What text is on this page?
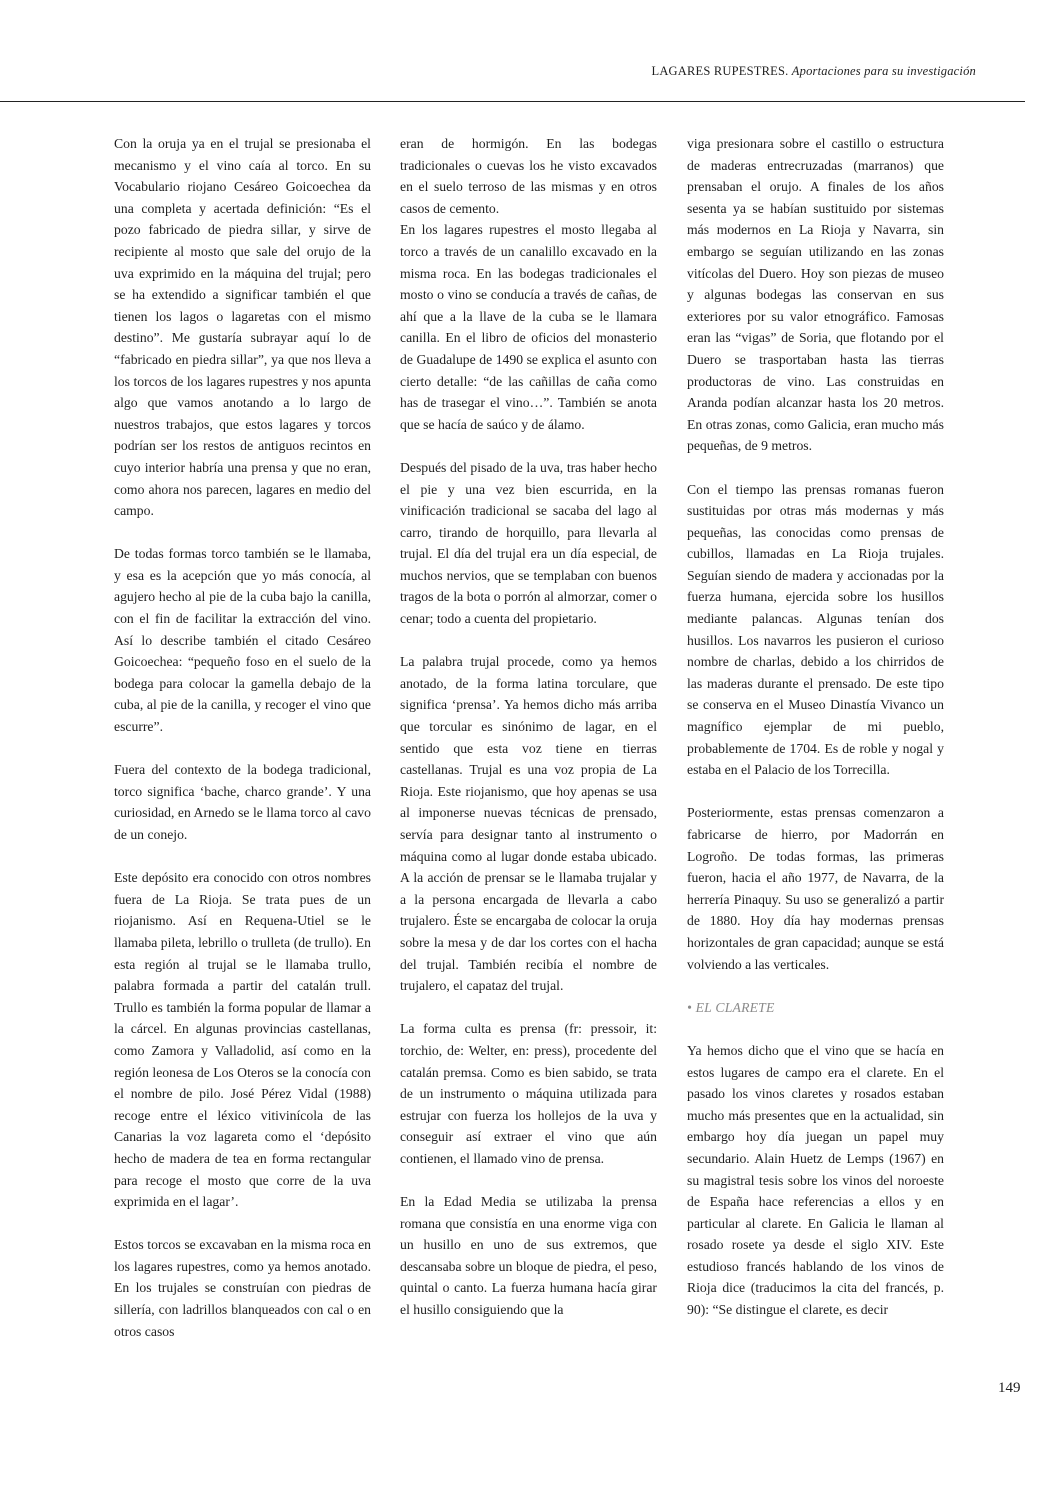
LAGARES RUPESTRES. Aportaciones para su investigación

Con la oruja ya en el trujal se presionaba el mecanismo y el vino caía al torco. En su Vocabulario riojano Cesáreo Goicoechea da una completa y acertada definición: “Es el pozo fabricado de piedra sillar, y sirve de recipiente al mosto que sale del orujo de la uva exprimido en la máquina del trujal; pero se ha extendido a significar también el que tienen los lagos o lagaretas con el mismo destino”. Me gustaría subrayar aquí lo de “fabricado en piedra sillar”, ya que nos lleva a los torcos de los lagares rupestres y nos apunta algo que vamos anotando a lo largo de nuestros trabajos, que estos lagares y torcos podrían ser los restos de antiguos recintos en cuyo interior habría una prensa y que no eran, como ahora nos parecen, lagares en medio del campo.

De todas formas torco también se le llamaba, y esa es la acepción que yo más conocía, al agujero hecho al pie de la cuba bajo la canilla, con el fin de facilitar la extracción del vino. Así lo describe también el citado Cesáreo Goicoechea: “pequeño foso en el suelo de la bodega para colocar la gamella debajo de la cuba, al pie de la canilla, y recoger el vino que escurre”.

Fuera del contexto de la bodega tradicional, torco significa ‘bache, charco grande’. Y una curiosidad, en Arnedo se le llama torco al cavo de un conejo.

Este depósito era conocido con otros nombres fuera de La Rioja. Se trata pues de un riojanismo. Así en Requena-Utiel se le llamaba pileta, lebrillo o trulleta (de trullo). En esta región al trujal se le llamaba trullo, palabra formada a partir del catalán trull. Trullo es también la forma popular de llamar a la cárcel. En algunas provincias castellanas, como Zamora y Valladolid, así como en la región leonesa de Los Oteros se la conocía con el nombre de pilo. José Pérez Vidal (1988) recoge entre el léxico vitivinícola de las Canarias la voz lagareta como el ‘depósito hecho de madera de tea en forma rectangular para recoge el mosto que corre de la uva exprimida en el lagar’.

Estos torcos se excavaban en la misma roca en los lagares rupestres, como ya hemos anotado. En los trujales se construían con piedras de sillería, con ladrillos blanqueados con cal o en otros casos

eran de hormigón. En las bodegas tradicionales o cuevas los he visto excavados en el suelo terroso de las mismas y en otros casos de cemento.

En los lagares rupestres el mosto llegaba al torco a través de un canalillo excavado en la misma roca. En las bodegas tradicionales el mosto o vino se conducía a través de cañas, de ahí que a la llave de la cuba se le llamara canilla. En el libro de oficios del monasterio de Guadalupe de 1490 se explica el asunto con cierto detalle: “de las cañillas de caña como has de trasegar el vino…”. También se anota que se hacía de saúco y de álamo.

Después del pisado de la uva, tras haber hecho el pie y una vez bien escurrida, en la vinificación tradicional se sacaba del lago al carro, tirando de horquillo, para llevarla al trujal. El día del trujal era un día especial, de muchos nervios, que se templaban con buenos tragos de la bota o porrón al almorzar, comer o cenar; todo a cuenta del propietario.

La palabra trujal procede, como ya hemos anotado, de la forma latina torculare, que significa ‘prensa’. Ya hemos dicho más arriba que torcular es sinónimo de lagar, en el sentido que esta voz tiene en tierras castellanas. Trujal es una voz propia de La Rioja. Este riojanismo, que hoy apenas se usa al imponerse nuevas técnicas de prensado, servía para designar tanto al instrumento o máquina como al lugar donde estaba ubicado. A la acción de prensar se le llamaba trujalar y a la persona encargada de llevarla a cabo trujalero. Éste se encargaba de colocar la oruja sobre la mesa y de dar los cortes con el hacha del trujal. También recibía el nombre de trujalero, el capataz del trujal.

La forma culta es prensa (fr: pressoir, it: torchio, de: Welter, en: press), procedente del catalán premsa. Como es bien sabido, se trata de un instrumento o máquina utilizada para estrujar con fuerza los hollejos de la uva y conseguir así extraer el vino que aún contienen, el llamado vino de prensa.

En la Edad Media se utilizaba la prensa romana que consistía en una enorme viga con un husillo en uno de sus extremos, que descansaba sobre un bloque de piedra, el peso, quintal o canto. La fuerza humana hacía girar el husillo consiguiendo que la

viga presionara sobre el castillo o estructura de maderas entrecruzadas (marranos) que prensaban el orujo. A finales de los años sesenta ya se habían sustituido por sistemas más modernos en La Rioja y Navarra, sin embargo se seguían utilizando en las zonas vitícolas del Duero. Hoy son piezas de museo y algunas bodegas las conservan en sus exteriores por su valor etnográfico. Famosas eran las “vigas” de Soria, que flotando por el Duero se trasportaban hasta las tierras productoras de vino. Las construidas en Aranda podían alcanzar hasta los 20 metros. En otras zonas, como Galicia, eran mucho más pequeñas, de 9 metros.

Con el tiempo las prensas romanas fueron sustituidas por otras más modernas y más pequeñas, las conocidas como prensas de cubillos, llamadas en La Rioja trujales. Seguían siendo de madera y accionadas por la fuerza humana, ejercida sobre los husillos mediante palancas. Algunas tenían dos husillos. Los navarros les pusieron el curioso nombre de charlas, debido a los chirridos de las maderas durante el prensado. De este tipo se conserva en el Museo Dinastía Vivanco un magnífico ejemplar de mi pueblo, probablemente de 1704. Es de roble y nogal y estaba en el Palacio de los Torrecilla.

Posteriormente, estas prensas comenzaron a fabricarse de hierro, por Madorrán en Logroño. De todas formas, las primeras fueron, hacia el año 1977, de Navarra, de la herrería Pinaquy. Su uso se generalizó a partir de 1880. Hoy día hay modernas prensas horizontales de gran capacidad; aunque se está volviendo a las verticales.

• EL CLARETE

Ya hemos dicho que el vino que se hacía en estos lugares de campo era el clarete. En el pasado los vinos claretes y rosados estaban mucho más presentes que en la actualidad, sin embargo hoy día juegan un papel muy secundario. Alain Huetz de Lemps (1967) en su magistral tesis sobre los vinos del noroeste de España hace referencias a ellos y en particular al clarete. En Galicia le llaman al rosado rosete ya desde el siglo XIV. Este estudioso francés hablando de los vinos de Rioja dice (traducimos la cita del francés, p. 90): “Se distingue el clarete, es decir

149
